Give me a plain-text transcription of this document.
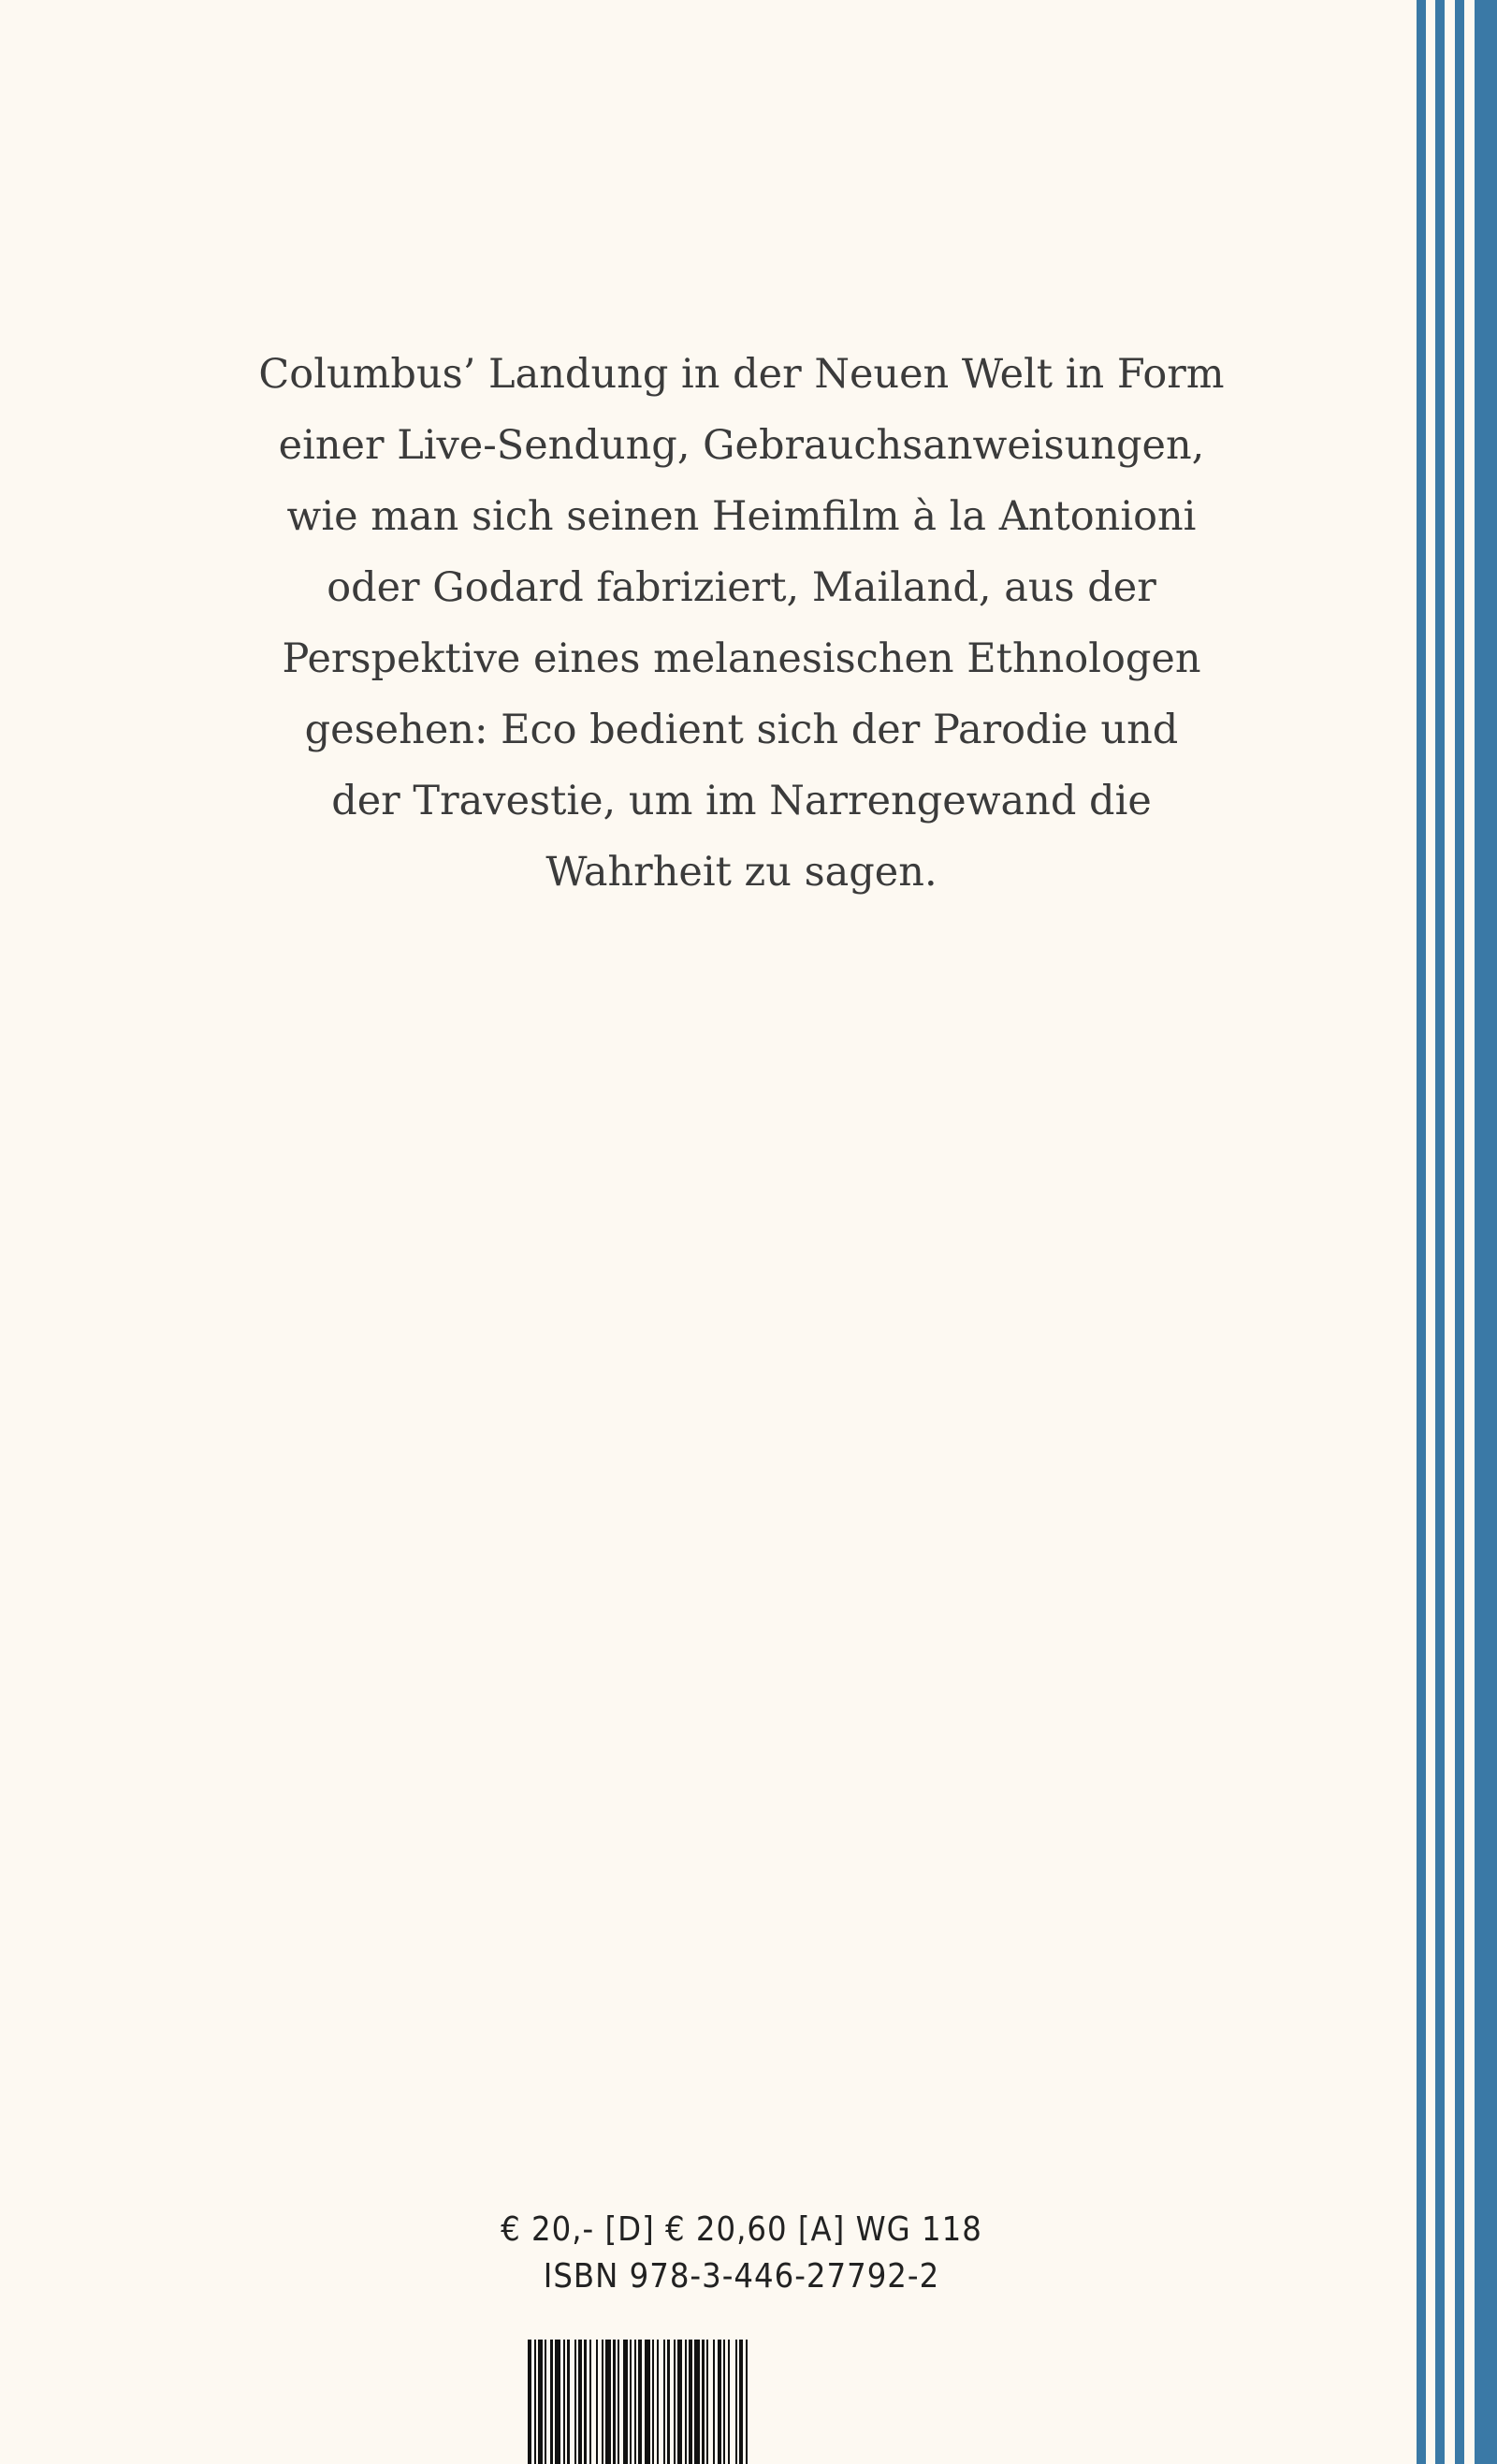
Columbus’ Landung in der Neuen Welt in Form
einer Live-Sendung, Gebrauchsanweisungen,
wie man sich seinen Heimfilm à la Antonioni
oder Godard fabriziert, Mailand, aus der
Perspektive eines melanesischen Ethnologen
gesehen: Eco bedient sich der Parodie und
der Travestie, um im Narrengewand die
Wahrheit zu sagen.
€ 20,- [D] € 20,60 [A] WG 118
ISBN 978-3-446-27792-2
